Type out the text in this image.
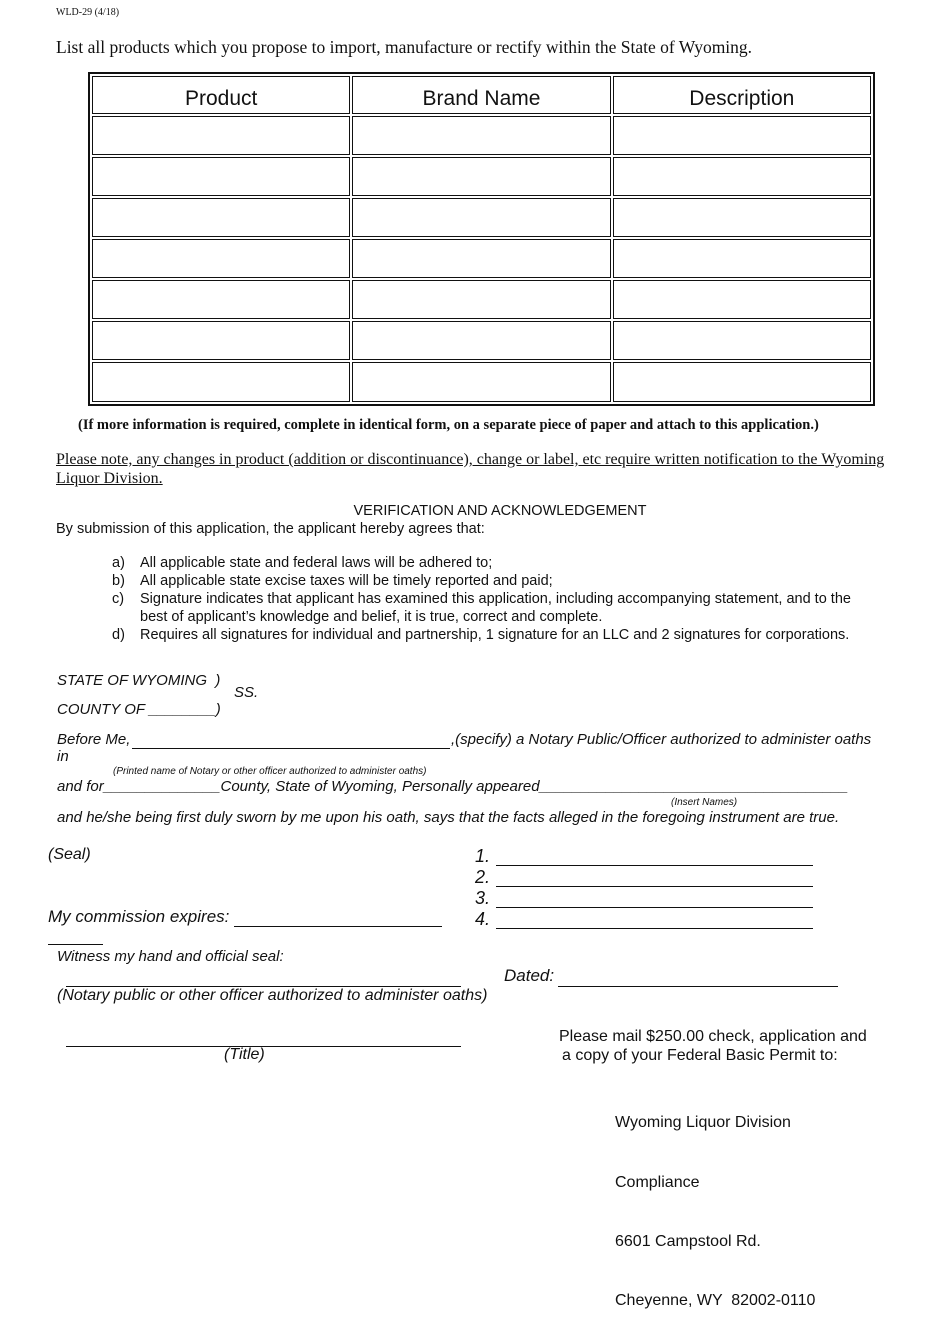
WLD-29 (4/18)
List all products which you propose to import, manufacture or rectify within the State of Wyoming.
Product	Brand Name	Description

(If more information is required, complete in identical form, on a separate piece of paper and attach to this application.)
Please note, any changes in product (addition or discontinuance), change or label, etc require written notification to the Wyoming Liquor Division.
VERIFICATION AND ACKNOWLEDGEMENT
By submission of this application, the applicant hereby agrees that:
a) All applicable state and federal laws will be adhered to;
b) All applicable state excise taxes will be timely reported and paid;
c) Signature indicates that applicant has examined this application, including accompanying statement, and to the best of applicant’s knowledge and belief, it is true, correct and complete.
d) Requires all signatures for individual and partnership, 1 signature for an LLC and 2 signatures for corporations.
STATE OF WYOMING  )
SS.
COUNTY OF ________)
Before Me,	,(specify) a Notary Public/Officer authorized to administer oaths
in
(Printed name of Notary or other officer authorized to administer oaths)
and for______________County, State of Wyoming, Personally appeared_____________________________________
(Insert Names)
and he/she being first duly sworn by me upon his oath, says that the facts alleged in the foregoing instrument are true.
(Seal)	1.
2.
3.
4.
My commission expires:
Witness my hand and official seal:
Dated:
(Notary public or other officer authorized to administer oaths)
(Title)
Please mail $250.00 check, application and
a copy of your Federal Basic Permit to:

Wyoming Liquor Division

Compliance

6601 Campstool Rd.

Cheyenne, WY  82002-0110
